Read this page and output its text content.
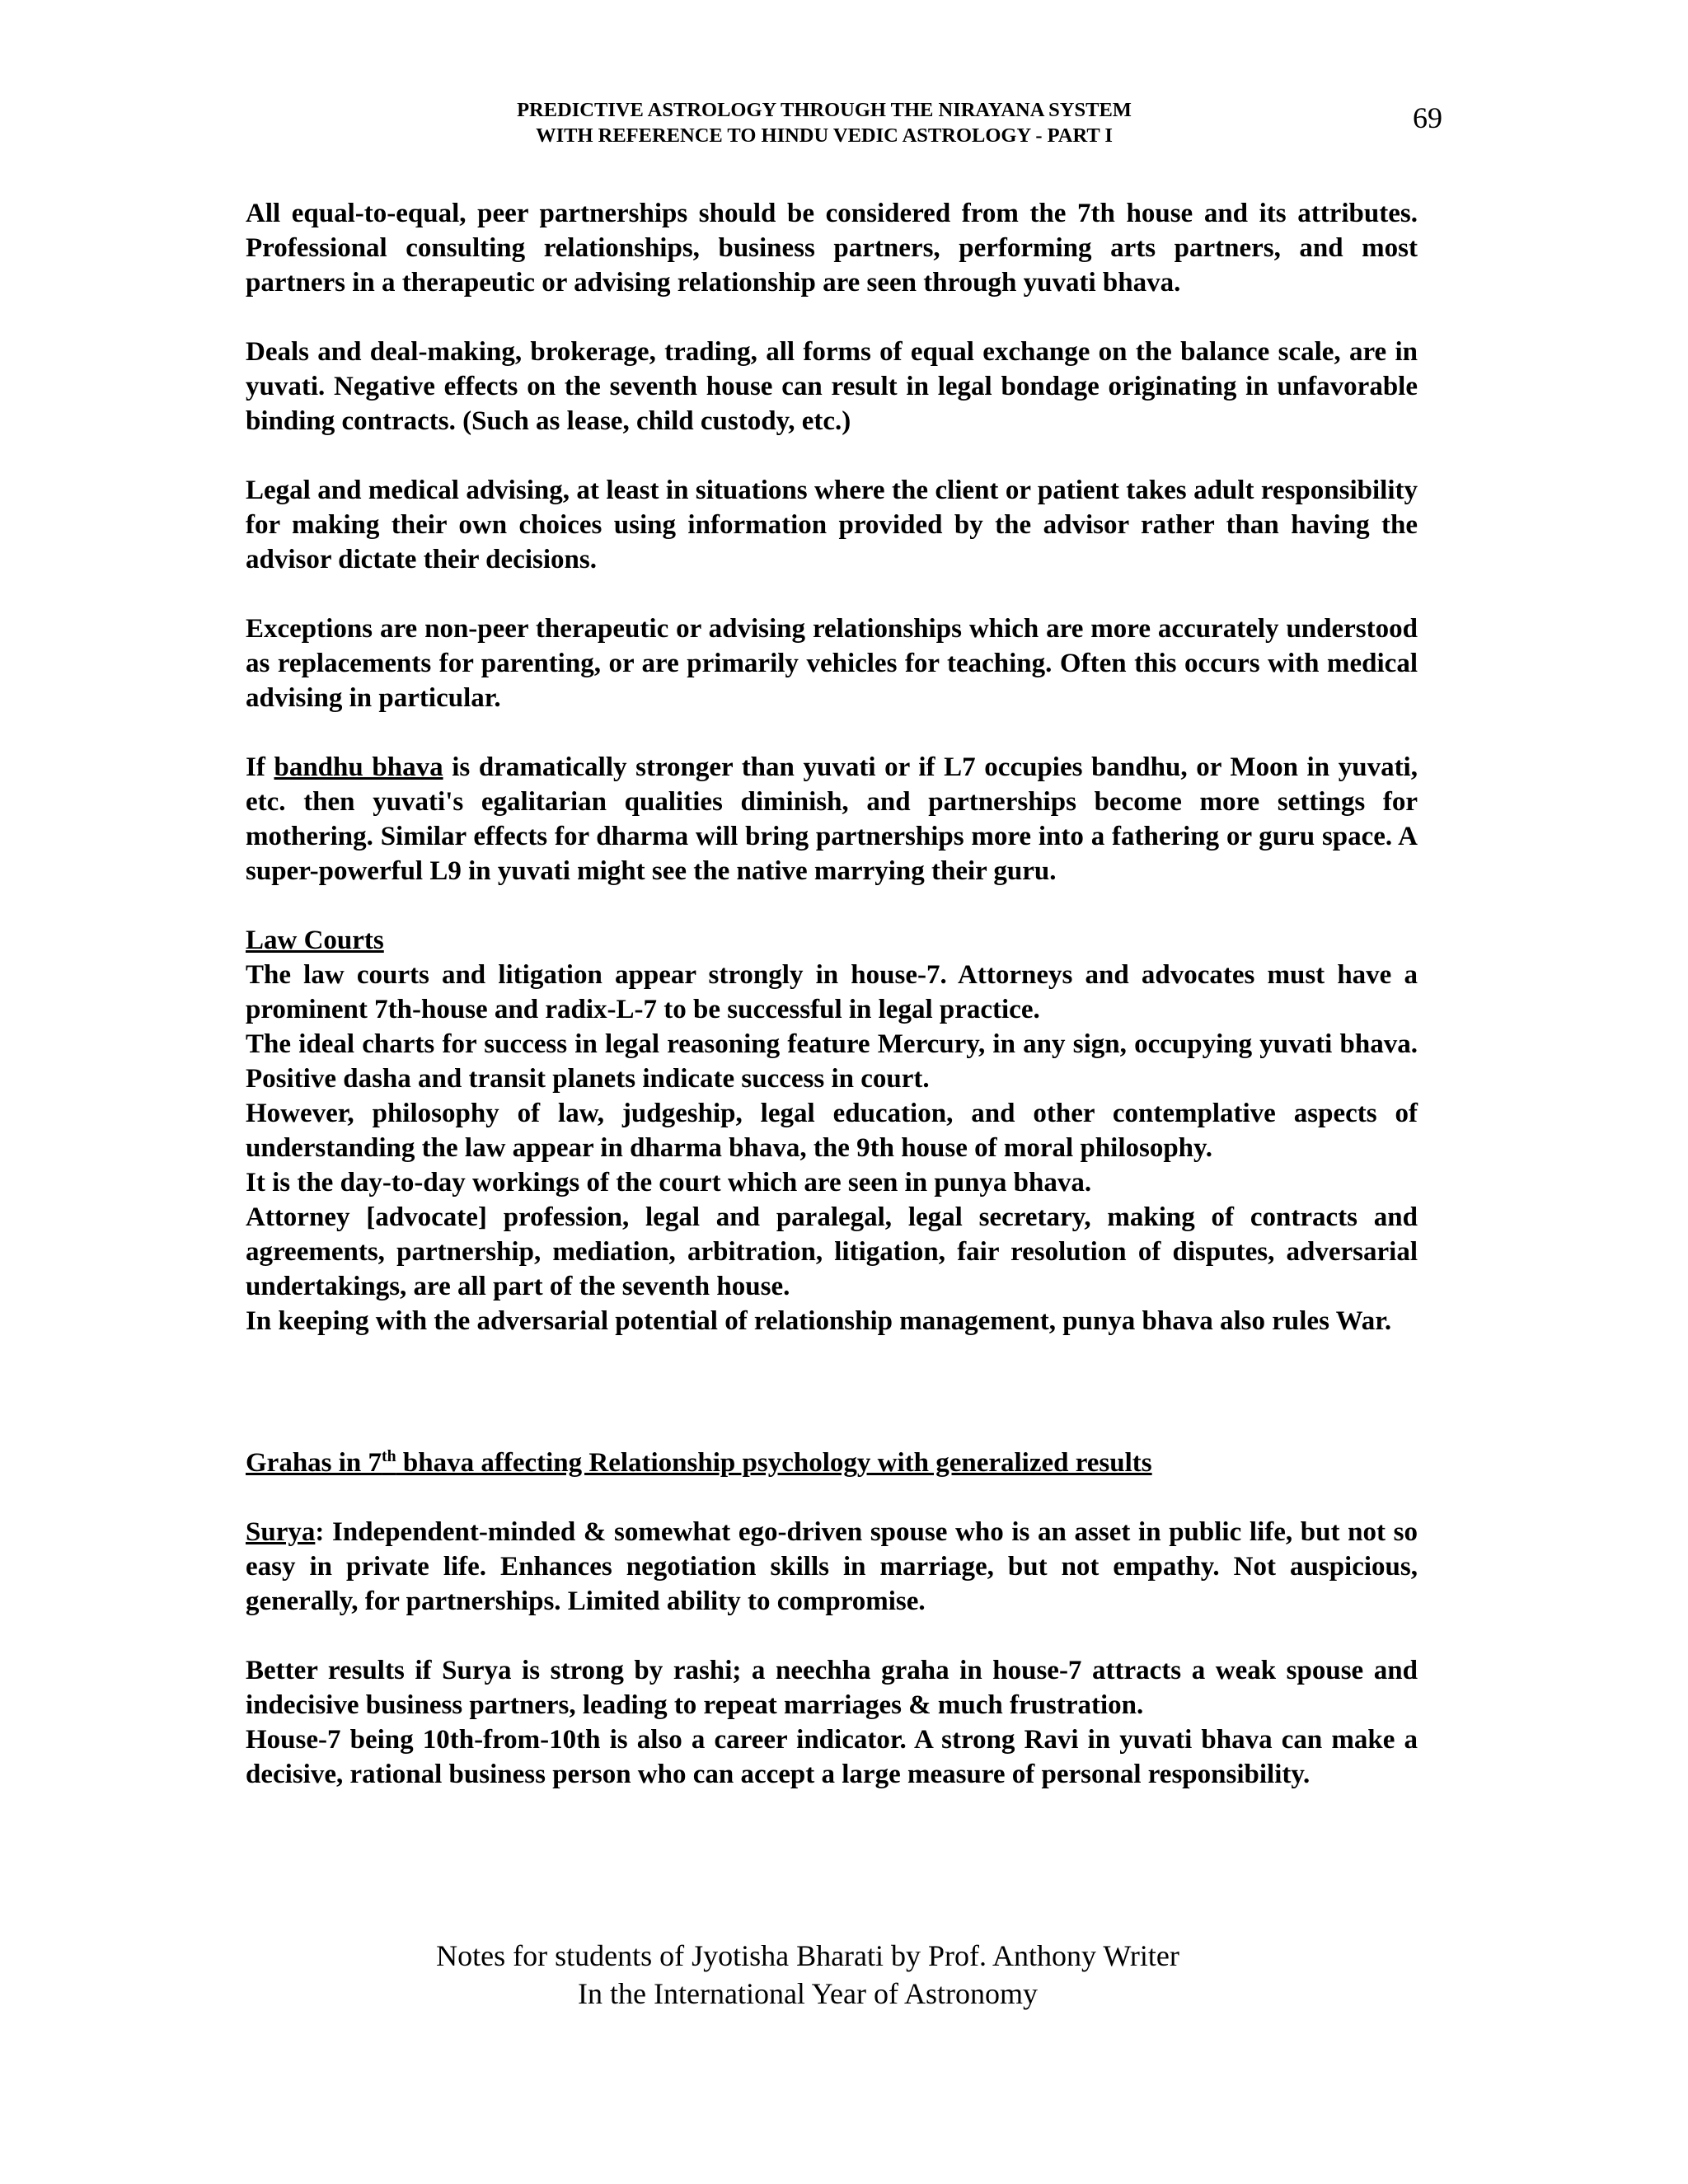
PREDICTIVE ASTROLOGY THROUGH THE NIRAYANA SYSTEM
WITH REFERENCE TO HINDU VEDIC ASTROLOGY - PART I
69

All equal-to-equal, peer partnerships should be considered from the 7th house and its attributes. Professional consulting relationships, business partners, performing arts partners, and most partners in a therapeutic or advising relationship are seen through yuvati bhava.

Deals and deal-making, brokerage, trading, all forms of equal exchange on the balance scale, are in yuvati. Negative effects on the seventh house can result in legal bondage originating in unfavorable binding contracts. (Such as lease, child custody, etc.)

Legal and medical advising, at least in situations where the client or patient takes adult responsibility for making their own choices using information provided by the advisor rather than having the advisor dictate their decisions.

Exceptions are non-peer therapeutic or advising relationships which are more accurately understood as replacements for parenting, or are primarily vehicles for teaching. Often this occurs with medical advising in particular.

If bandhu bhava is dramatically stronger than yuvati or if L7 occupies bandhu, or Moon in yuvati, etc. then yuvati's egalitarian qualities diminish, and partnerships become more settings for mothering. Similar effects for dharma will bring partnerships more into a fathering or guru space. A super-powerful L9 in yuvati might see the native marrying their guru.

Law Courts

The law courts and litigation appear strongly in house-7. Attorneys and advocates must have a prominent 7th-house and radix-L-7 to be successful in legal practice.

The ideal charts for success in legal reasoning feature Mercury, in any sign, occupying yuvati bhava. Positive dasha and transit planets indicate success in court.

However, philosophy of law, judgeship, legal education, and other contemplative aspects of understanding the law appear in dharma bhava, the 9th house of moral philosophy.

It is the day-to-day workings of the court which are seen in punya bhava.

Attorney [advocate] profession, legal and paralegal, legal secretary, making of contracts and agreements, partnership, mediation, arbitration, litigation, fair resolution of disputes, adversarial undertakings, are all part of the seventh house.

In keeping with the adversarial potential of relationship management, punya bhava also rules War.

Grahas in 7th bhava affecting Relationship psychology with generalized results

Surya: Independent-minded & somewhat ego-driven spouse who is an asset in public life, but not so easy in private life. Enhances negotiation skills in marriage, but not empathy. Not auspicious, generally, for partnerships. Limited ability to compromise.

Better results if Surya is strong by rashi; a neechha graha in house-7 attracts a weak spouse and indecisive business partners, leading to repeat marriages & much frustration.

House-7 being 10th-from-10th is also a career indicator. A strong Ravi in yuvati bhava can make a decisive, rational business person who can accept a large measure of personal responsibility.

Notes for students of Jyotisha Bharati by Prof. Anthony Writer
In the International Year of Astronomy
